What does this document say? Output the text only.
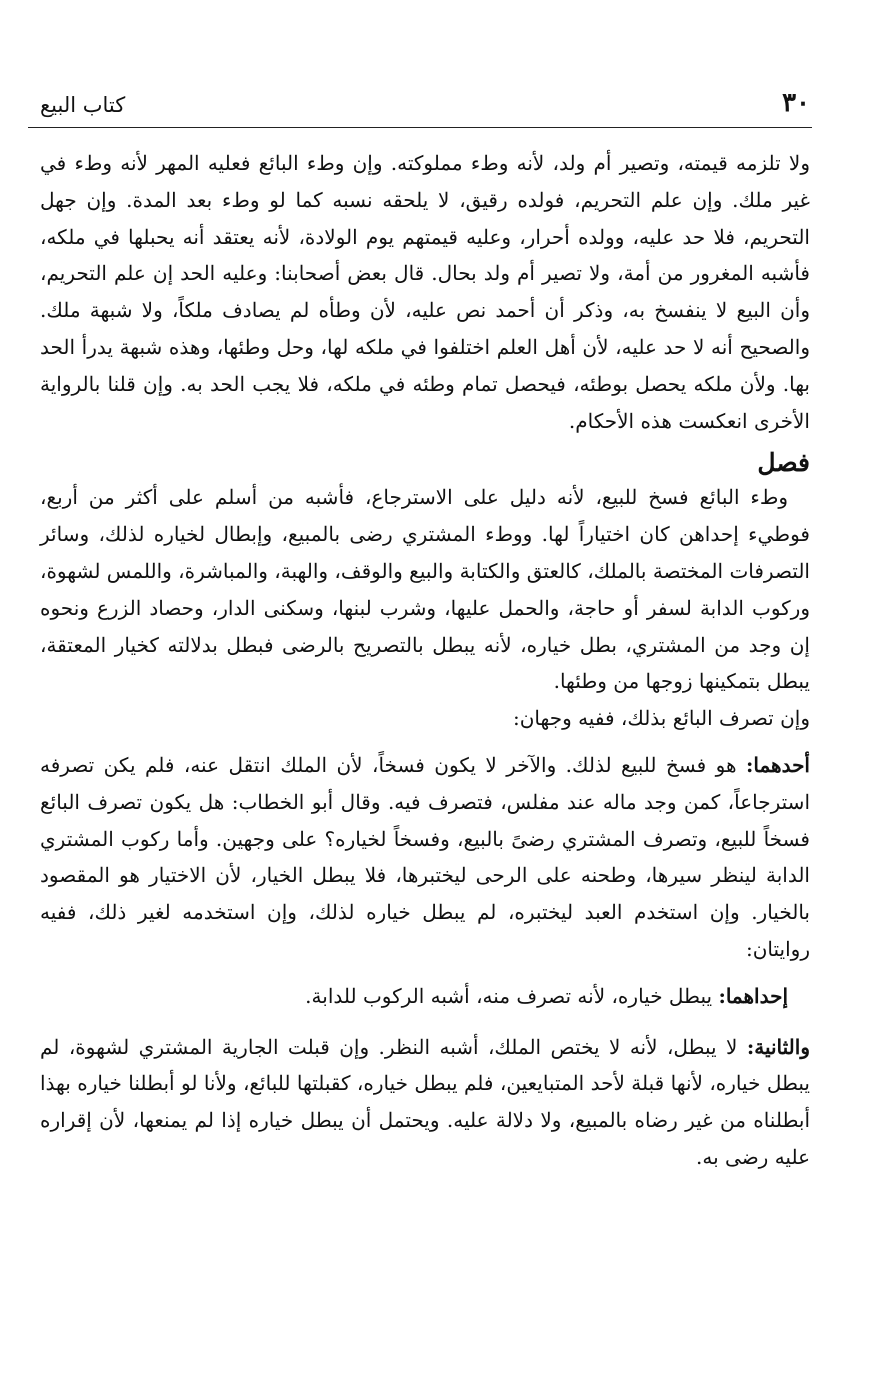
٣٠
كتاب البيع

ولا تلزمه قيمته، وتصير أم ولد، لأنه وطء مملوكته. وإن وطء البائع فعليه المهر لأنه وطء في غير ملك. وإن علم التحريم، فولده رقيق، لا يلحقه نسبه كما لو وطء بعد المدة. وإن جهل التحريم، فلا حد عليه، وولده أحرار، وعليه قيمتهم يوم الولادة، لأنه يعتقد أنه يحبلها في ملكه، فأشبه المغرور من أمة، ولا تصير أم ولد بحال. قال بعض أصحابنا: وعليه الحد إن علم التحريم، وأن البيع لا ينفسخ به، وذكر أن أحمد نص عليه، لأن وطأه لم يصادف ملكاً، ولا شبهة ملك. والصحيح أنه لا حد عليه، لأن أهل العلم اختلفوا في ملكه لها، وحل وطئها، وهذه شبهة يدرأ الحد بها. ولأن ملكه يحصل بوطئه، فيحصل تمام وطئه في ملكه، فلا يجب الحد به. وإن قلنا بالرواية الأخرى انعكست هذه الأحكام.

فصل

وطء البائع فسخ للبيع، لأنه دليل على الاسترجاع، فأشبه من أسلم على أكثر من أربع، فوطيء إحداهن كان اختياراً لها. ووطء المشتري رضى بالمبيع، وإبطال لخياره لذلك، وسائر التصرفات المختصة بالملك، كالعتق والكتابة والبيع والوقف، والهبة، والمباشرة، واللمس لشهوة، وركوب الدابة لسفر أو حاجة، والحمل عليها، وشرب لبنها، وسكنى الدار، وحصاد الزرع ونحوه إن وجد من المشتري، بطل خياره، لأنه يبطل بالتصريح بالرضى فبطل بدلالته كخيار المعتقة، يبطل بتمكينها زوجها من وطئها.

وإن تصرف البائع بذلك، ففيه وجهان:

أحدهما: هو فسخ للبيع لذلك. والآخر لا يكون فسخاً، لأن الملك انتقل عنه، فلم يكن تصرفه استرجاعاً، كمن وجد ماله عند مفلس، فتصرف فيه. وقال أبو الخطاب: هل يكون تصرف البائع فسخاً للبيع، وتصرف المشتري رضىً بالبيع، وفسخاً لخياره؟ على وجهين. وأما ركوب المشتري الدابة لينظر سيرها، وطحنه على الرحى ليختبرها، فلا يبطل الخيار، لأن الاختيار هو المقصود بالخيار. وإن استخدم العبد ليختبره، لم يبطل خياره لذلك، وإن استخدمه لغير ذلك، ففيه روايتان:

إحداهما: يبطل خياره، لأنه تصرف منه، أشبه الركوب للدابة.

والثانية: لا يبطل، لأنه لا يختص الملك، أشبه النظر. وإن قبلت الجارية المشتري لشهوة، لم يبطل خياره، لأنها قبلة لأحد المتبايعين، فلم يبطل خياره، كقبلتها للبائع، ولأنا لو أبطلنا خياره بهذا أبطلناه من غير رضاه بالمبيع، ولا دلالة عليه. ويحتمل أن يبطل خياره إذا لم يمنعها، لأن إقراره عليه رضى به.
